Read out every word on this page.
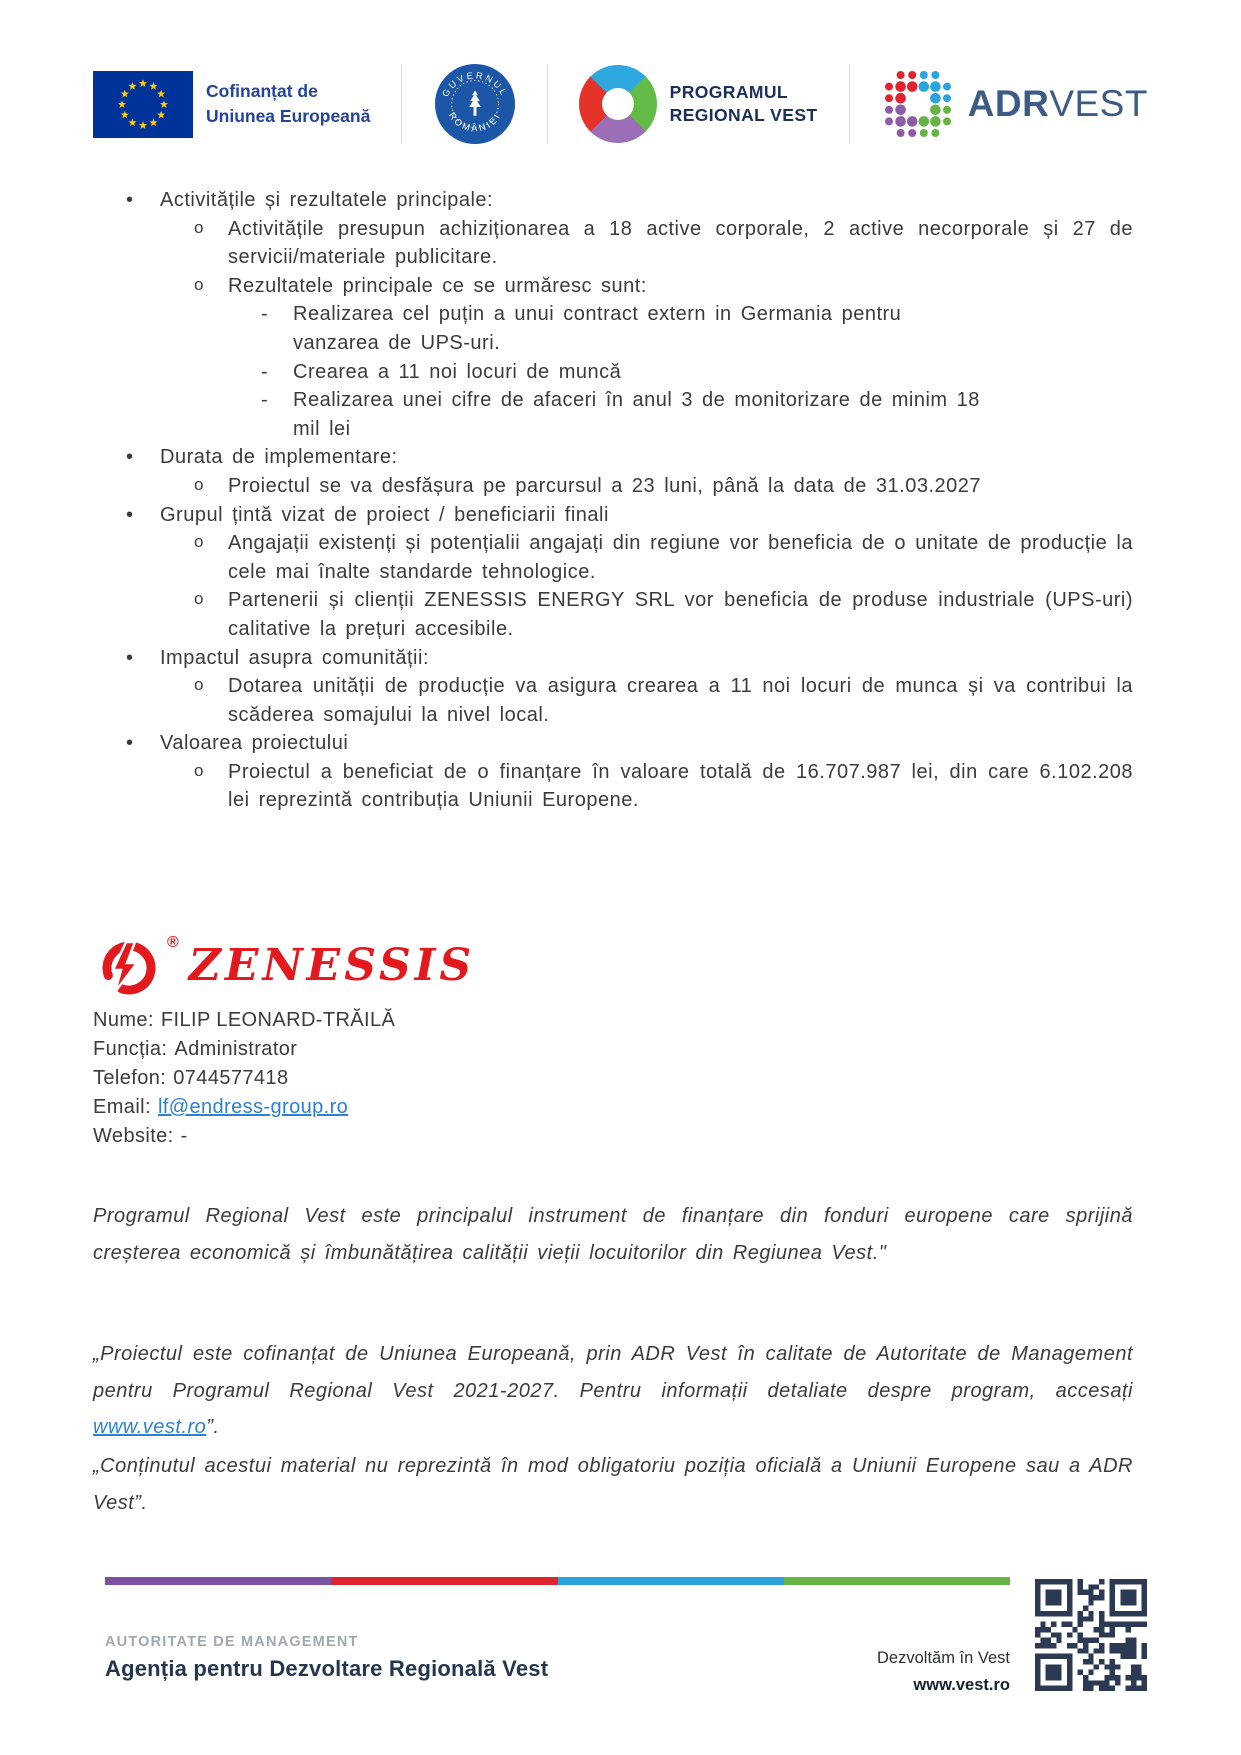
Cofinanțat de
Uniunea Europeană
GUVERNUL
ROMÂNIEI
PROGRAMUL
REGIONAL VEST	ADRVEST
• Activitățile și rezultatele principale:
o Activitățile presupun achiziționarea a 18 active corporale, 2 active necorporale și 27 de servicii/materiale publicitare.
o Rezultatele principale ce se urmăresc sunt:
- Realizarea cel puțin a unui contract extern in Germania pentru vanzarea de UPS-uri.
- Crearea a 11 noi locuri de muncă
- Realizarea unei cifre de afaceri în anul 3 de monitorizare de minim 18 mil lei
• Durata de implementare:
o Proiectul se va desfășura pe parcursul a 23 luni, până la data de 31.03.2027
• Grupul țintă vizat de proiect / beneficiarii finali
o Angajații existenți și potențialii angajați din regiune vor beneficia de o unitate de producție la cele mai înalte standarde tehnologice.
o Partenerii și clienții ZENESSIS ENERGY SRL vor beneficia de produse industriale (UPS-uri) calitative la prețuri accesibile.
• Impactul asupra comunității:
o Dotarea unității de producție va asigura crearea a 11 noi locuri de munca și va contribui la scăderea somajului la nivel local.
• Valoarea proiectului
o Proiectul a beneficiat de o finanțare în valoare totală de 16.707.987 lei, din care 6.102.208 lei reprezintă contribuția Uniunii Europene.
® ZENESSIS
Nume: FILIP LEONARD-TRĂILĂ
Funcția: Administrator
Telefon: 0744577418
Email: lf@endress-group.ro
Website: -
Programul Regional Vest este principalul instrument de finanțare din fonduri europene care sprijină creșterea economică și îmbunătățirea calității vieții locuitorilor din Regiunea Vest."
„Proiectul este cofinanțat de Uniunea Europeană, prin ADR Vest în calitate de Autoritate de Management pentru Programul Regional Vest 2021-2027. Pentru informații detaliate despre program, accesați www.vest.ro”.
„Conținutul acestui material nu reprezintă în mod obligatoriu poziția oficială a Uniunii Europene sau a ADR Vest”.
AUTORITATE DE MANAGEMENT
Agenția pentru Dezvoltare Regională Vest	Dezvoltăm în Vest
www.vest.ro
